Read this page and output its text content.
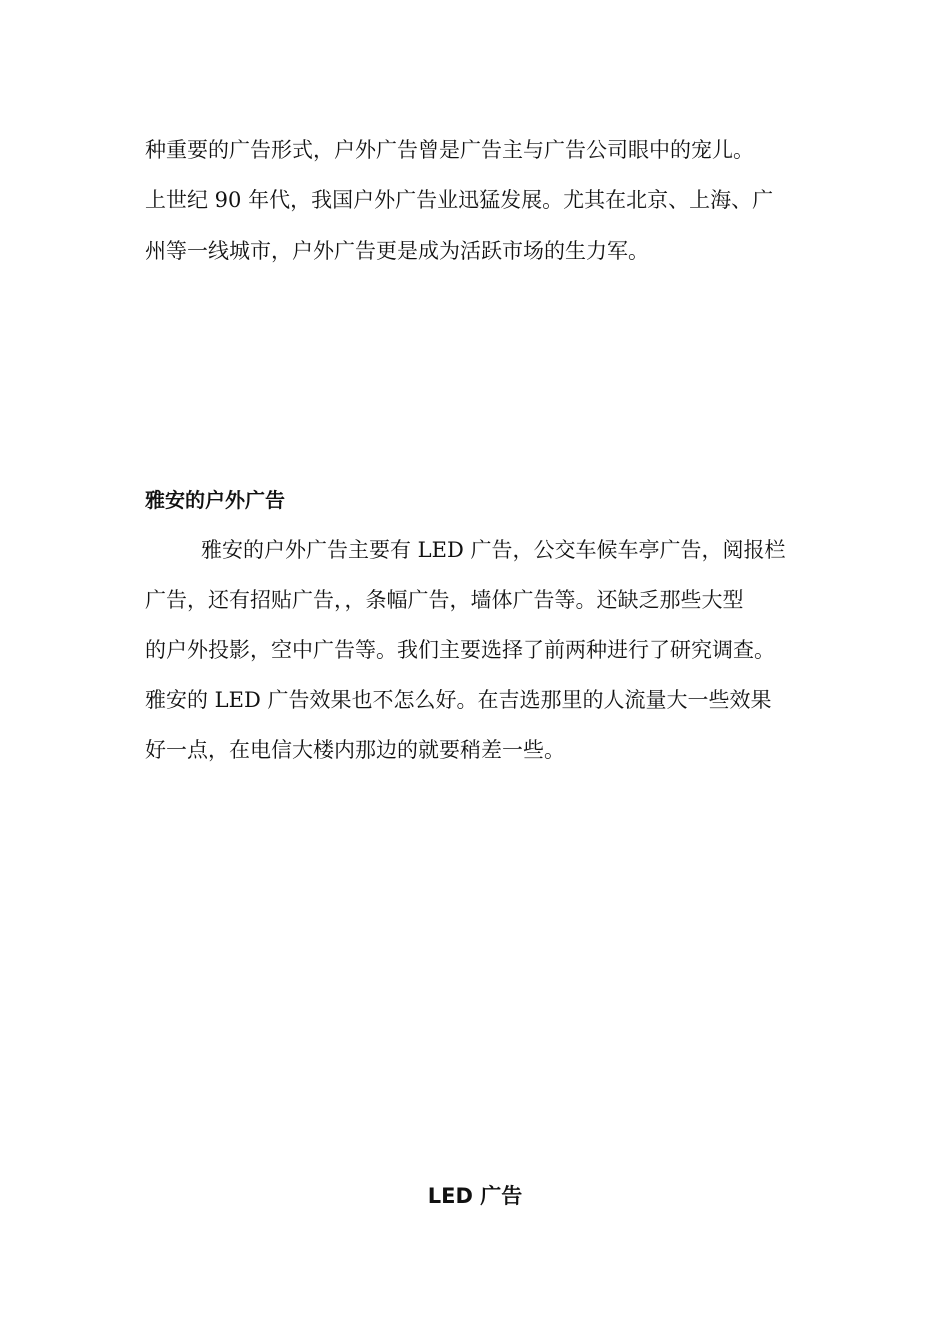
种重要的广告形式，户外广告曾是广告主与广告公司眼中的宠儿。
上世纪 90 年代，我国户外广告业迅猛发展。尤其在北京、上海、广
州等一线城市，户外广告更是成为活跃市场的生力军。
雅安的户外广告
雅安的户外广告主要有 LED 广告，公交车候车亭广告，阅报栏
广告，还有招贴广告，，条幅广告，墙体广告等。还缺乏那些大型
的户外投影，空中广告等。我们主要选择了前两种进行了研究调查。
雅安的 LED 广告效果也不怎么好。在吉选那里的人流量大一些效果
好一点，在电信大楼内那边的就要稍差一些。
LED 广告
